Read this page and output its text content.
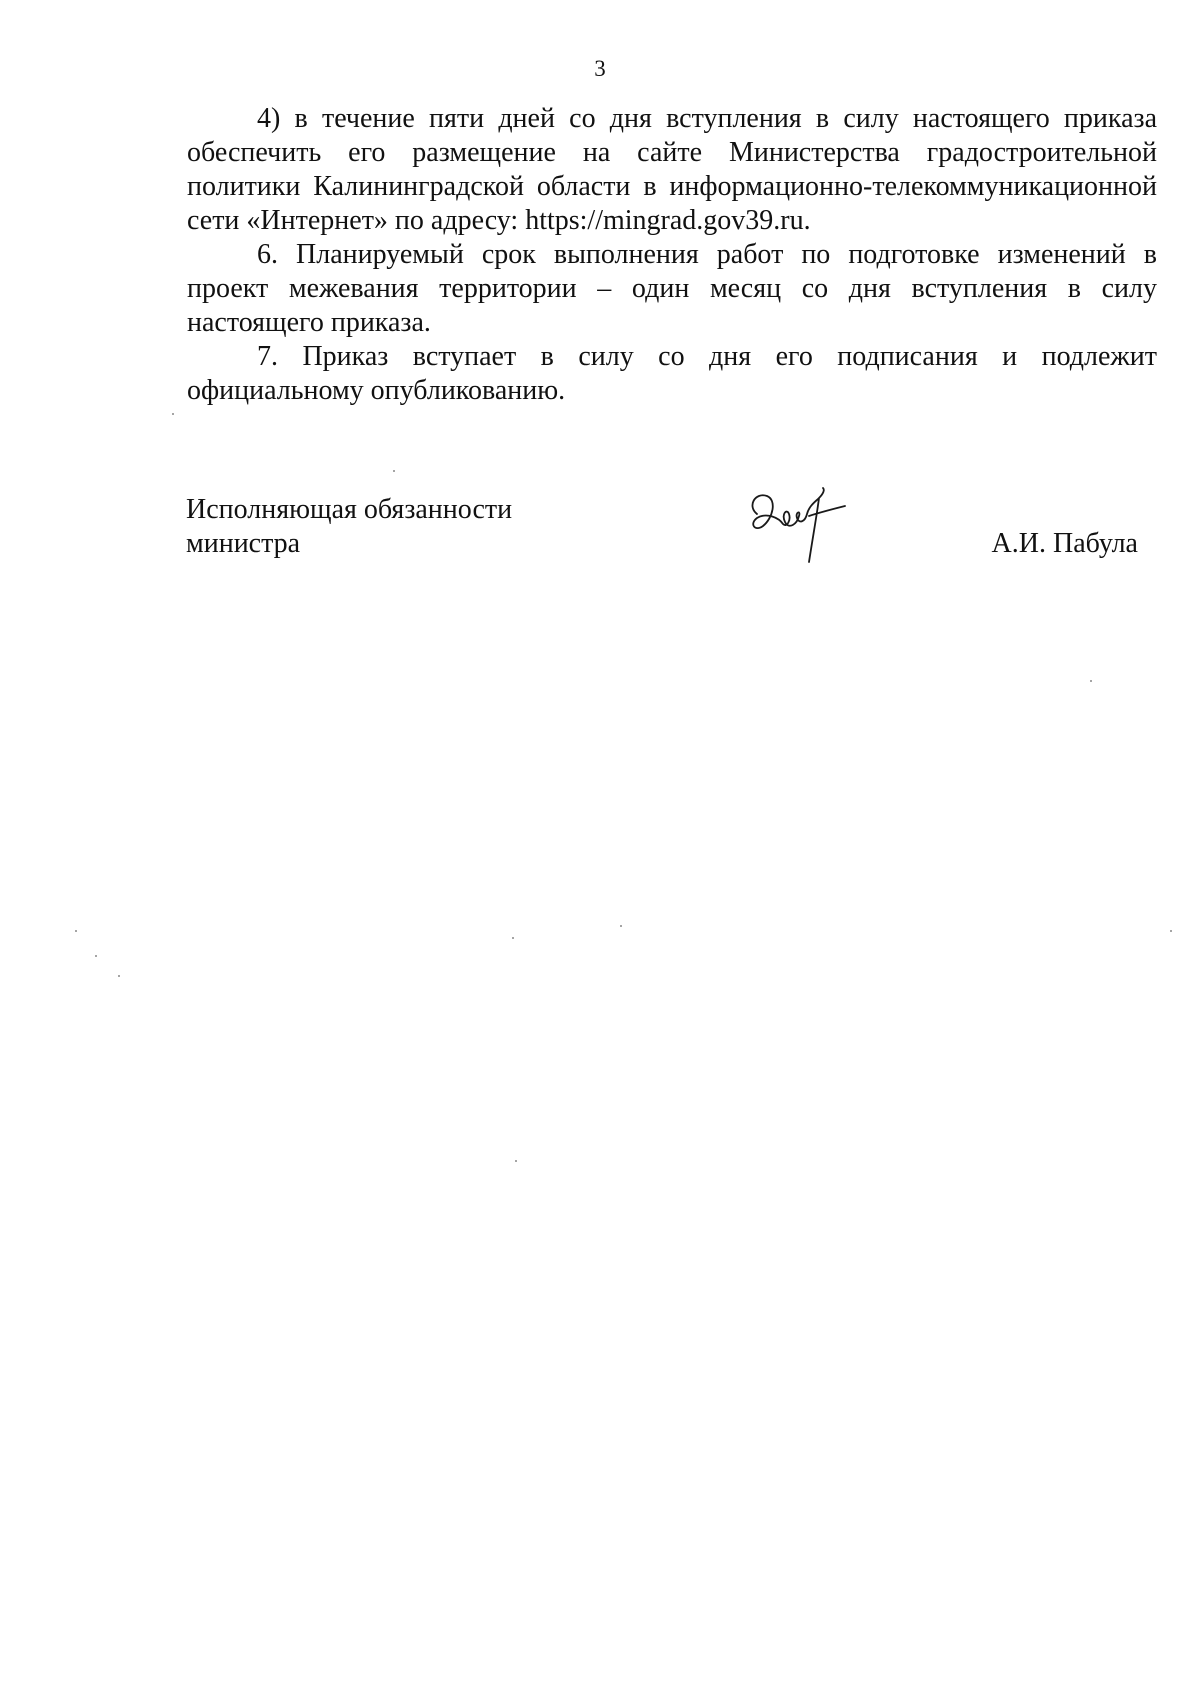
3

4) в течение пяти дней со дня вступления в силу настоящего приказа обеспечить его размещение на сайте Министерства градостроительной политики Калининградской области в информационно-телекоммуникационной сети «Интернет» по адресу: https://mingrad.gov39.ru.

6. Планируемый срок выполнения работ по подготовке изменений в проект межевания территории – один месяц со дня вступления в силу настоящего приказа.

7. Приказ вступает в силу со дня его подписания и подлежит официальному опубликованию.

Исполняющая обязанности
министра	А.И. Пабула
